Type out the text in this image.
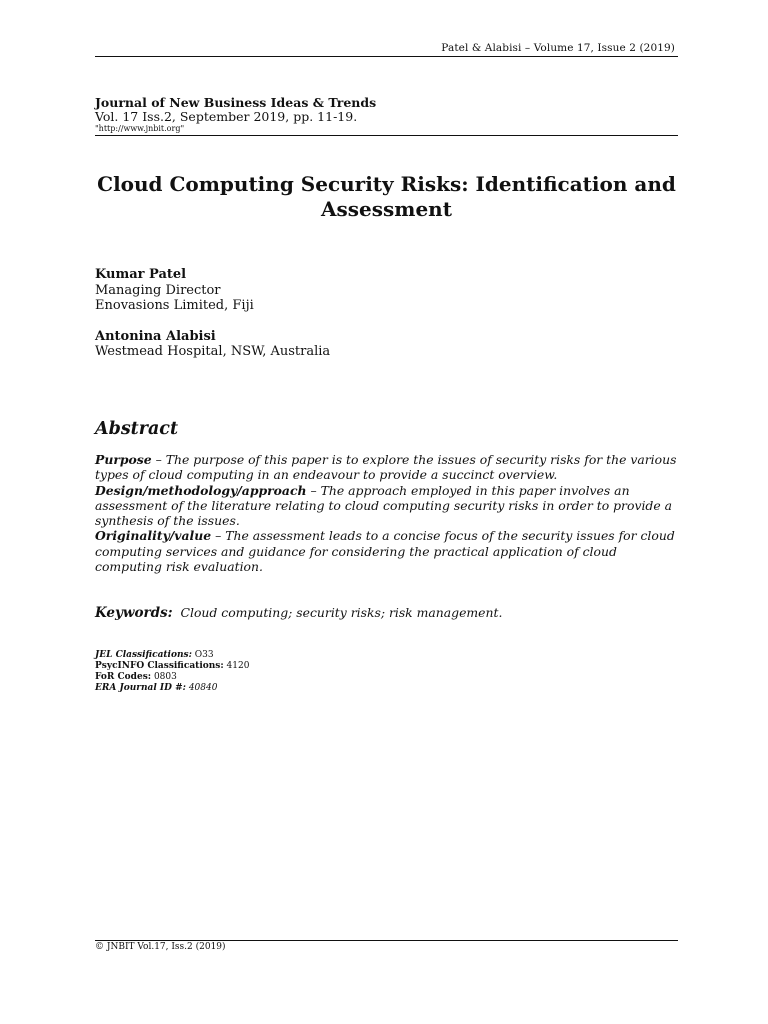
Patel & Alabisi – Volume 17, Issue 2 (2019)
Journal of New Business Ideas & Trends
Vol. 17 Iss.2, September 2019, pp. 11-19.
"http://www.jnbit.org"
Cloud Computing Security Risks: Identification and Assessment
Kumar Patel
Managing Director
Enovasions Limited, Fiji
Antonina Alabisi
Westmead Hospital, NSW, Australia
Abstract

Purpose – The purpose of this paper is to explore the issues of security risks for the various types of cloud computing in an endeavour to provide a succinct overview.

Design/methodology/approach – The approach employed in this paper involves an assessment of the literature relating to cloud computing security risks in order to provide a synthesis of the issues.

Originality/value – The assessment leads to a concise focus of the security issues for cloud computing services and guidance for considering the practical application of cloud computing risk evaluation.

Keywords:  Cloud computing; security risks; risk management.
JEL Classifications: O33
PsycINFO Classifications: 4120
FoR Codes: 0803
ERA Journal ID #: 40840
© JNBIT Vol.17, Iss.2 (2019)
